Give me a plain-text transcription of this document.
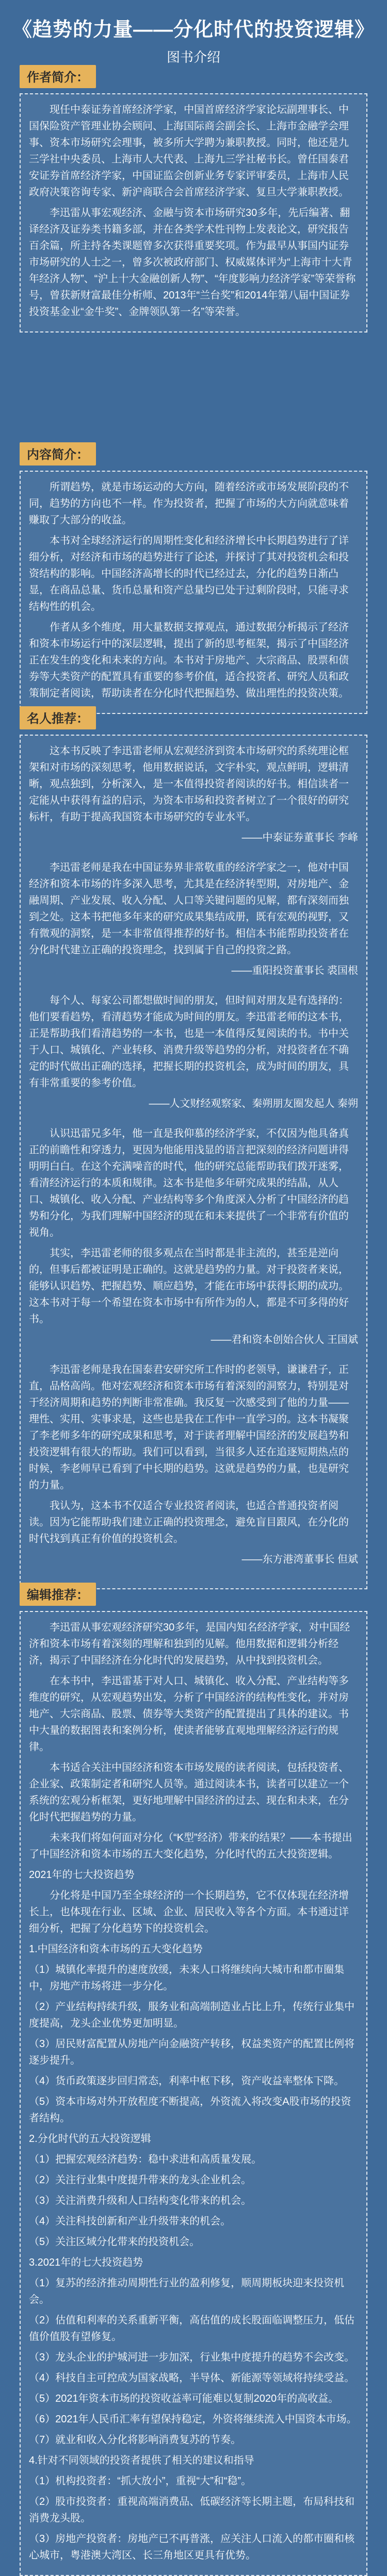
《趋势的力量——分化时代的投资逻辑》
图书介绍
作者简介：

现任中泰证券首席经济学家，中国首席经济学家论坛副理事长、中国保险资产管理业协会顾问、上海国际商会副会长、上海市金融学会理事、资本市场研究会理事，被多所大学聘为兼职教授。同时，他还是九三学社中央委员、上海市人大代表、上海九三学社秘书长。曾任国泰君安证券首席经济学家，中国证监会创新业务专家评审委员，上海市人民政府决策咨询专家、新沪商联合会首席经济学家、复旦大学兼职教授。

李迅雷从事宏观经济、金融与资本市场研究30多年，先后编著、翻译经济及证券类书籍多部，并在各类学术性刊物上发表论文，研究报告百余篇，所主持各类课题曾多次获得重要奖项。作为最早从事国内证券市场研究的人士之一，曾多次被政府部门、权威媒体评为“上海市十大青年经济人物”、“沪上十大金融创新人物”、“年度影响力经济学家”等荣誉称号，曾获新财富最佳分析师、2013年“兰台奖”和2014年第八届中国证券投资基金业“金牛奖”、金牌领队第一名”等荣誉。

内容简介：

所谓趋势，就是市场运动的大方向，随着经济或市场发展阶段的不同，趋势的方向也不一样。作为投资者，把握了市场的大方向就意味着赚取了大部分的收益。

本书对全球经济运行的周期性变化和经济增长中长期趋势进行了详细分析，对经济和市场的趋势进行了论述，并探讨了其对投资机会和投资结构的影响。中国经济高增长的时代已经过去，分化的趋势日渐凸显，在商品总量、货币总量和资产总量均已处于过剩阶段时，只能寻求结构性的机会。

作者从多个维度，用大量数据支撑观点，通过数据分析揭示了经济和资本市场运行中的深层逻辑，提出了新的思考框架，揭示了中国经济正在发生的变化和未来的方向。本书对于房地产、大宗商品、股票和债券等大类资产的配置具有重要的参考价值，适合投资者、研究人员和政策制定者阅读，帮助读者在分化时代把握趋势、做出理性的投资决策。

名人推荐：

这本书反映了李迅雷老师从宏观经济到资本市场研究的系统理论框架和对市场的深刻思考，他用数据说话，文字朴实，观点鲜明，逻辑清晰，观点独到，分析深入，是一本值得投资者阅读的好书。相信读者一定能从中获得有益的启示，为资本市场和投资者树立了一个很好的研究标杆，有助于提高我国资本市场研究的专业水平。

——中泰证券董事长 李峰

李迅雷老师是我在中国证券界非常敬重的经济学家之一，他对中国经济和资本市场的许多深入思考，尤其是在经济转型期，对房地产、金融周期、产业发展、收入分配、人口等关键问题的见解，都有深刻而独到之处。这本书把他多年来的研究成果集结成册，既有宏观的视野，又有微观的洞察，是一本非常值得推荐的好书。相信本书能帮助投资者在分化时代建立正确的投资理念，找到属于自己的投资之路。

——重阳投资董事长 裘国根

每个人、每家公司都想做时间的朋友，但时间对朋友是有选择的：他们要看趋势，看清趋势才能成为时间的朋友。李迅雷老师的这本书，正是帮助我们看清趋势的一本书，也是一本值得反复阅读的书。书中关于人口、城镇化、产业转移、消费升级等趋势的分析，对投资者在不确定的时代做出正确的选择，把握长期的投资机会，成为时间的朋友，具有非常重要的参考价值。

——人文财经观察家、秦朔朋友圈发起人 秦朔

认识迅雷兄多年，他一直是我仰慕的经济学家，不仅因为他具备真正的前瞻性和穿透力，更因为他能用浅显的语言把深刻的经济问题讲得明明白白。在这个充满噪音的时代，他的研究总能帮助我们拨开迷雾，看清经济运行的本质和规律。这本书是他多年研究成果的结晶，从人口、城镇化、收入分配、产业结构等多个角度深入分析了中国经济的趋势和分化，为我们理解中国经济的现在和未来提供了一个非常有价值的视角。

其实，李迅雷老师的很多观点在当时都是非主流的，甚至是逆向的，但事后都被证明是正确的。这就是趋势的力量。对于投资者来说，能够认识趋势、把握趋势、顺应趋势，才能在市场中获得长期的成功。这本书对于每一个希望在资本市场中有所作为的人，都是不可多得的好书。

——君和资本创始合伙人 王国斌

李迅雷老师是我在国泰君安研究所工作时的老领导，谦谦君子，正直，品格高尚。他对宏观经济和资本市场有着深刻的洞察力，特别是对于经济周期和趋势的判断非常准确。我反复一次感受到了他的力量——理性、实用、实事求是，这些也是我在工作中一直学习的。这本书凝聚了李老师多年的研究成果和思考，对于读者理解中国经济的发展趋势和投资逻辑有很大的帮助。我们可以看到，当很多人还在追逐短期热点的时候，李老师早已看到了中长期的趋势。这就是趋势的力量，也是研究的力量。

我认为，这本书不仅适合专业投资者阅读，也适合普通投资者阅读。因为它能帮助我们建立正确的投资理念，避免盲目跟风，在分化的时代找到真正有价值的投资机会。

——东方港湾董事长 但斌

编辑推荐：

李迅雷从事宏观经济研究30多年，是国内知名经济学家，对中国经济和资本市场有着深刻的理解和独到的见解。他用数据和逻辑分析经济，揭示了中国经济在分化时代的发展趋势，从中找到投资机会。

在本书中，李迅雷基于对人口、城镇化、收入分配、产业结构等多维度的研究，从宏观趋势出发，分析了中国经济的结构性变化，并对房地产、大宗商品、股票、债券等大类资产的配置提出了具体的建议。书中大量的数据图表和案例分析，使读者能够直观地理解经济运行的规律。

本书适合关注中国经济和资本市场发展的读者阅读，包括投资者、企业家、政策制定者和研究人员等。通过阅读本书，读者可以建立一个系统的宏观分析框架，更好地理解中国经济的过去、现在和未来，在分化时代把握趋势的力量。

未来我们将如何面对分化（“K型”经济）带来的结果？——本书提出了中国经济和资本市场的五大变化趋势，分化时代的五大投资逻辑。

2021年的七大投资趋势

分化将是中国乃至全球经济的一个长期趋势，它不仅体现在经济增长上，也体现在行业、区域、企业、居民收入等各个方面。本书通过详细分析，把握了分化趋势下的投资机会。

1.中国经济和资本市场的五大变化趋势

（1）城镇化率提升的速度放缓，未来人口将继续向大城市和都市圈集中，房地产市场将进一步分化。

（2）产业结构持续升级，服务业和高端制造业占比上升，传统行业集中度提高，龙头企业优势更加明显。

（3）居民财富配置从房地产向金融资产转移，权益类资产的配置比例将逐步提升。

（4）货币政策逐步回归常态，利率中枢下移，资产收益率整体下降。

（5）资本市场对外开放程度不断提高，外资流入将改变A股市场的投资者结构。

2.分化时代的五大投资逻辑

（1）把握宏观经济趋势：稳中求进和高质量发展。

（2）关注行业集中度提升带来的龙头企业机会。

（3）关注消费升级和人口结构变化带来的机会。

（4）关注科技创新和产业升级带来的机会。

（5）关注区域分化带来的投资机会。

3.2021年的七大投资趋势

（1）复苏的经济推动周期性行业的盈利修复，顺周期板块迎来投资机会。

（2）估值和利率的关系重新平衡，高估值的成长股面临调整压力，低估值价值股有望修复。

（3）龙头企业的护城河进一步加深，行业集中度提升的趋势不会改变。

（4）科技自主可控成为国家战略，半导体、新能源等领域将持续受益。

（5）2021年资本市场的投资收益率可能难以复制2020年的高收益。

（6）2021年人民币汇率有望保持稳定，外资将继续流入中国资本市场。

（7）就业和收入分化将影响消费复苏的节奏。

4.针对不同领域的投资者提供了相关的建议和指导

（1）机构投资者：“抓大放小”，重视“大”和“稳”。

（2）股市投资者：重视高端消费品、低碳经济等长期主题，布局科技和消费龙头股。

（3）房地产投资者：房地产已不再普涨，应关注人口流入的都市圈和核心城市，粤港澳大湾区、长三角地区更具有优势。
